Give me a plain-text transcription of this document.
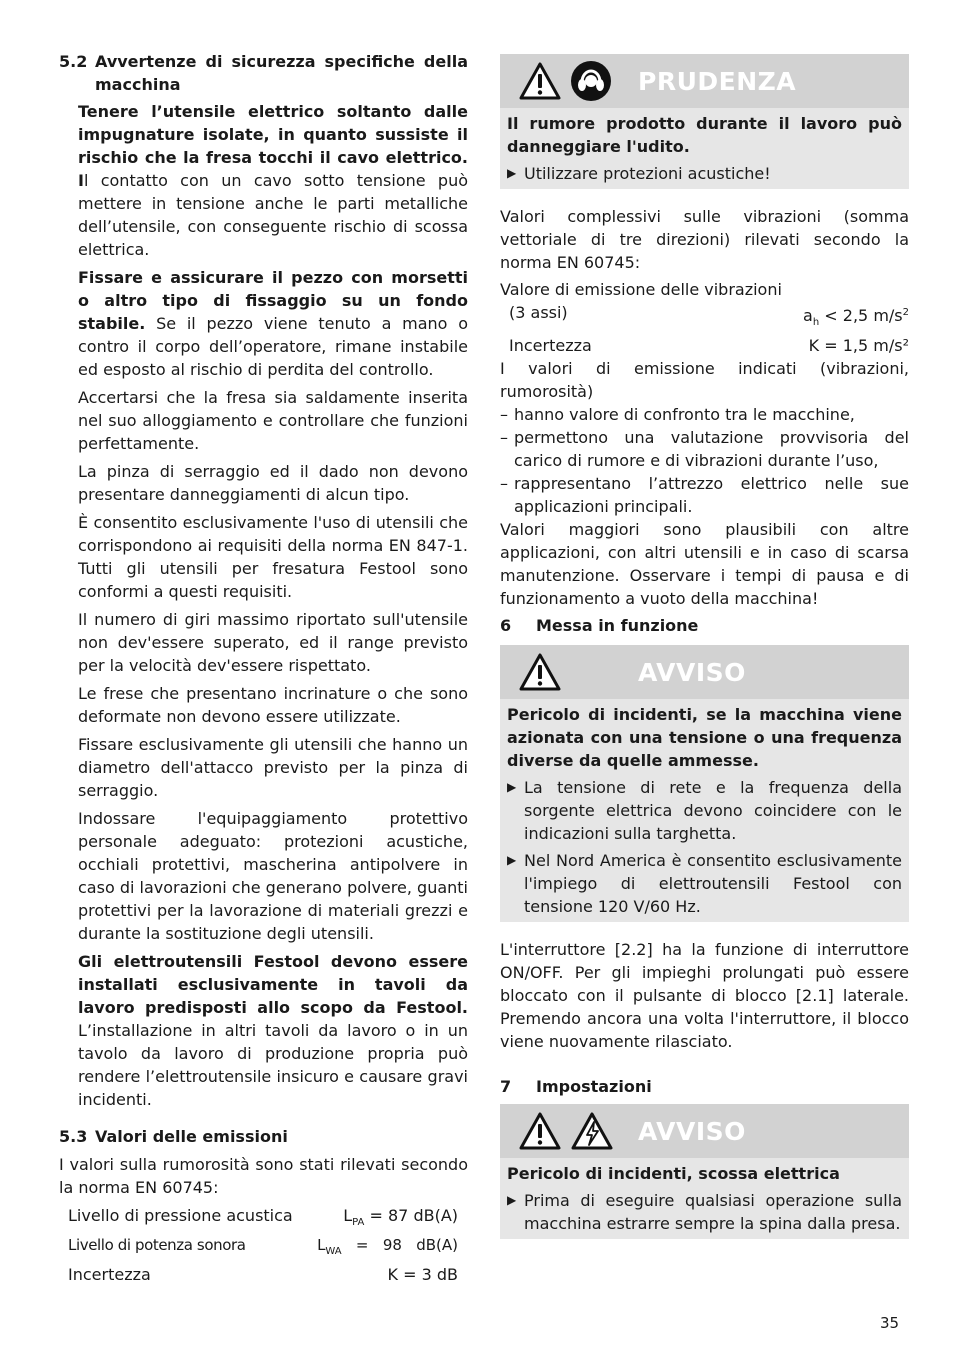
5.2 Avvertenze di sicurezza specifiche della macchina

Tenere l’utensile elettrico soltanto dalle impugnature isolate, in quanto sussiste il rischio che la fresa tocchi il cavo elettrico. Il contatto con un cavo sotto tensione può mettere in tensione anche le parti metalliche dell’utensile, con conseguente rischio di scossa elettrica.

Fissare e assicurare il pezzo con morsetti o altro tipo di fissaggio su un fondo stabile. Se il pezzo viene tenuto a mano o contro il corpo dell’operatore, rimane instabile ed esposto al rischio di perdita del controllo.

Accertarsi che la fresa sia saldamente inserita nel suo alloggiamento e controllare che funzioni perfettamente.

La pinza di serraggio ed il dado non devono presentare danneggiamenti di alcun tipo.

È consentito esclusivamente l'uso di utensili che corrispondono ai requisiti della norma EN 847-1. Tutti gli utensili per fresatura Festool sono conformi a questi requisiti.

Il numero di giri massimo riportato sull'utensile non dev'essere superato, ed il range previsto per la velocità dev'essere rispettato.

Le frese che presentano incrinature o che sono deformate non devono essere utilizzate.

Fissare esclusivamente gli utensili che hanno un diametro dell'attacco previsto per la pinza di serraggio.

Indossare l'equipaggiamento protettivo personale adeguato: protezioni acustiche, occhiali protettivi, mascherina antipolvere in caso di lavorazioni che generano polvere, guanti protettivi per la lavorazione di materiali grezzi e durante la sostituzione degli utensili.

Gli elettroutensili Festool devono essere installati esclusivamente in tavoli da lavoro predisposti allo scopo da Festool. L’installazione in altri tavoli da lavoro o in un tavolo da lavoro di produzione propria può rendere l’elettroutensile insicuro e causare gravi incidenti.

5.3 Valori delle emissioni

I valori sulla rumorosità sono stati rilevati secondo la norma EN 60745:

Livello di pressione acustica	$L_{PA} = 87$ dB(A)
Livello di potenza sonora	$L_{WA} = 98$ dB(A)
Incertezza	K = 3 dB
PRUDENZA

Il rumore prodotto durante il lavoro può danneggiare l'udito.

▶ Utilizzare protezioni acustiche!

Valori complessivi sulle vibrazioni (somma vettoriale di tre direzioni) rilevati secondo la norma EN 60745:

Valore di emissione delle vibrazioni

(3 assi)	$a_h < 2,5$ $m/s^2$
Incertezza	K = 1,5 m/s²

I valori di emissione indicati (vibrazioni, rumorosità)

– hanno valore di confronto tra le macchine,
– permettono una valutazione provvisoria del carico di rumore e di vibrazioni durante l’uso,
– rappresentano l’attrezzo elettrico nelle sue applicazioni principali.

Valori maggiori sono plausibili con altre applicazioni, con altri utensili e in caso di scarsa manutenzione. Osservare i tempi di pausa e di funzionamento a vuoto della macchina!

6	Messa in funzione
AVVISO

Pericolo di incidenti, se la macchina viene azionata con una tensione o una frequenza diverse da quelle ammesse.

▶ La tensione di rete e la frequenza della sorgente elettrica devono coincidere con le indicazioni sulla targhetta.
▶ Nel Nord America è consentito esclusivamente l'impiego di elettroutensili Festool con tensione 120 V/60 Hz.

L'interruttore [2.2] ha la funzione di interruttore ON/OFF. Per gli impieghi prolungati può essere bloccato con il pulsante di blocco [2.1] laterale. Premendo ancora una volta l'interruttore, il blocco viene nuovamente rilasciato.

7	Impostazioni
AVVISO

Pericolo di incidenti, scossa elettrica

▶ Prima di eseguire qualsiasi operazione sulla macchina estrarre sempre la spina dalla presa.
35
